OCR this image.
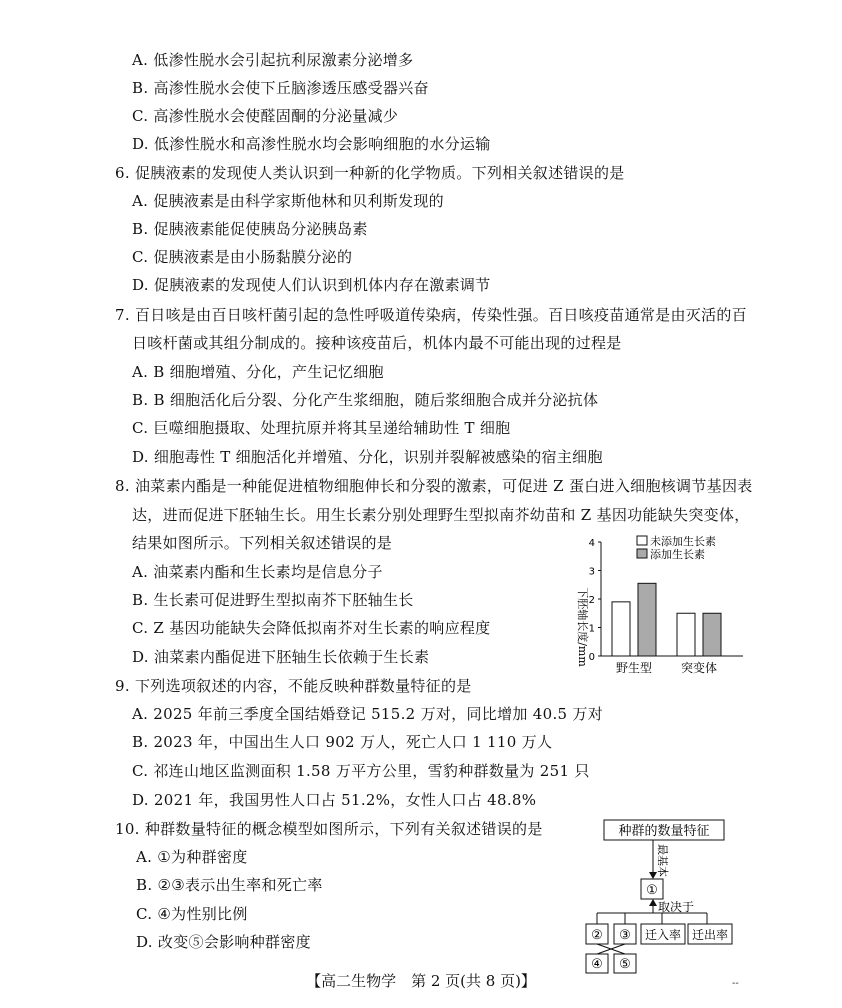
A. 低渗性脱水会引起抗利尿激素分泌增多
B. 高渗性脱水会使下丘脑渗透压感受器兴奋
C. 高渗性脱水会使醛固酮的分泌量减少
D. 低渗性脱水和高渗性脱水均会影响细胞的水分运输
6. 促胰液素的发现使人类认识到一种新的化学物质。下列相关叙述错误的是
A. 促胰液素是由科学家斯他林和贝利斯发现的
B. 促胰液素能促使胰岛分泌胰岛素
C. 促胰液素是由小肠黏膜分泌的
D. 促胰液素的发现使人们认识到机体内存在激素调节
7. 百日咳是由百日咳杆菌引起的急性呼吸道传染病，传染性强。百日咳疫苗通常是由灭活的百
日咳杆菌或其组分制成的。接种该疫苗后，机体内最不可能出现的过程是
A. B 细胞增殖、分化，产生记忆细胞
B. B 细胞活化后分裂、分化产生浆细胞，随后浆细胞合成并分泌抗体
C. 巨噬细胞摄取、处理抗原并将其呈递给辅助性 T 细胞
D. 细胞毒性 T 细胞活化并增殖、分化，识别并裂解被感染的宿主细胞
8. 油菜素内酯是一种能促进植物细胞伸长和分裂的激素，可促进 Z 蛋白进入细胞核调节基因表
达，进而促进下胚轴生长。用生长素分别处理野生型拟南芥幼苗和 Z 基因功能缺失突变体，
结果如图所示。下列相关叙述错误的是
A. 油菜素内酯和生长素均是信息分子
B. 生长素可促进野生型拟南芥下胚轴生长
C. Z 基因功能缺失会降低拟南芥对生长素的响应程度
D. 油菜素内酯促进下胚轴生长依赖于生长素
9. 下列选项叙述的内容，不能反映种群数量特征的是
A. 2025 年前三季度全国结婚登记 515.2 万对，同比增加 40.5 万对
B. 2023 年，中国出生人口 902 万人，死亡人口 1 110 万人
C. 祁连山地区监测面积 1.58 万平方公里，雪豹种群数量为 251 只
D. 2021 年，我国男性人口占 51.2%，女性人口占 48.8%
10. 种群数量特征的概念模型如图所示，下列有关叙述错误的是
A. ①为种群密度
B. ②③表示出生率和死亡率
C. ④为性别比例
D. 改变⑤会影响种群密度
0
1
2
3
4
野生型 突变体
未添加生长素
添加生长素
下胚轴长度/mm
种群的数量特征
最基本
①
取决于
② ③ 迁入率 迁出率
④ ⑤
【高二生物学　第 2 页(共 8 页)】	--
